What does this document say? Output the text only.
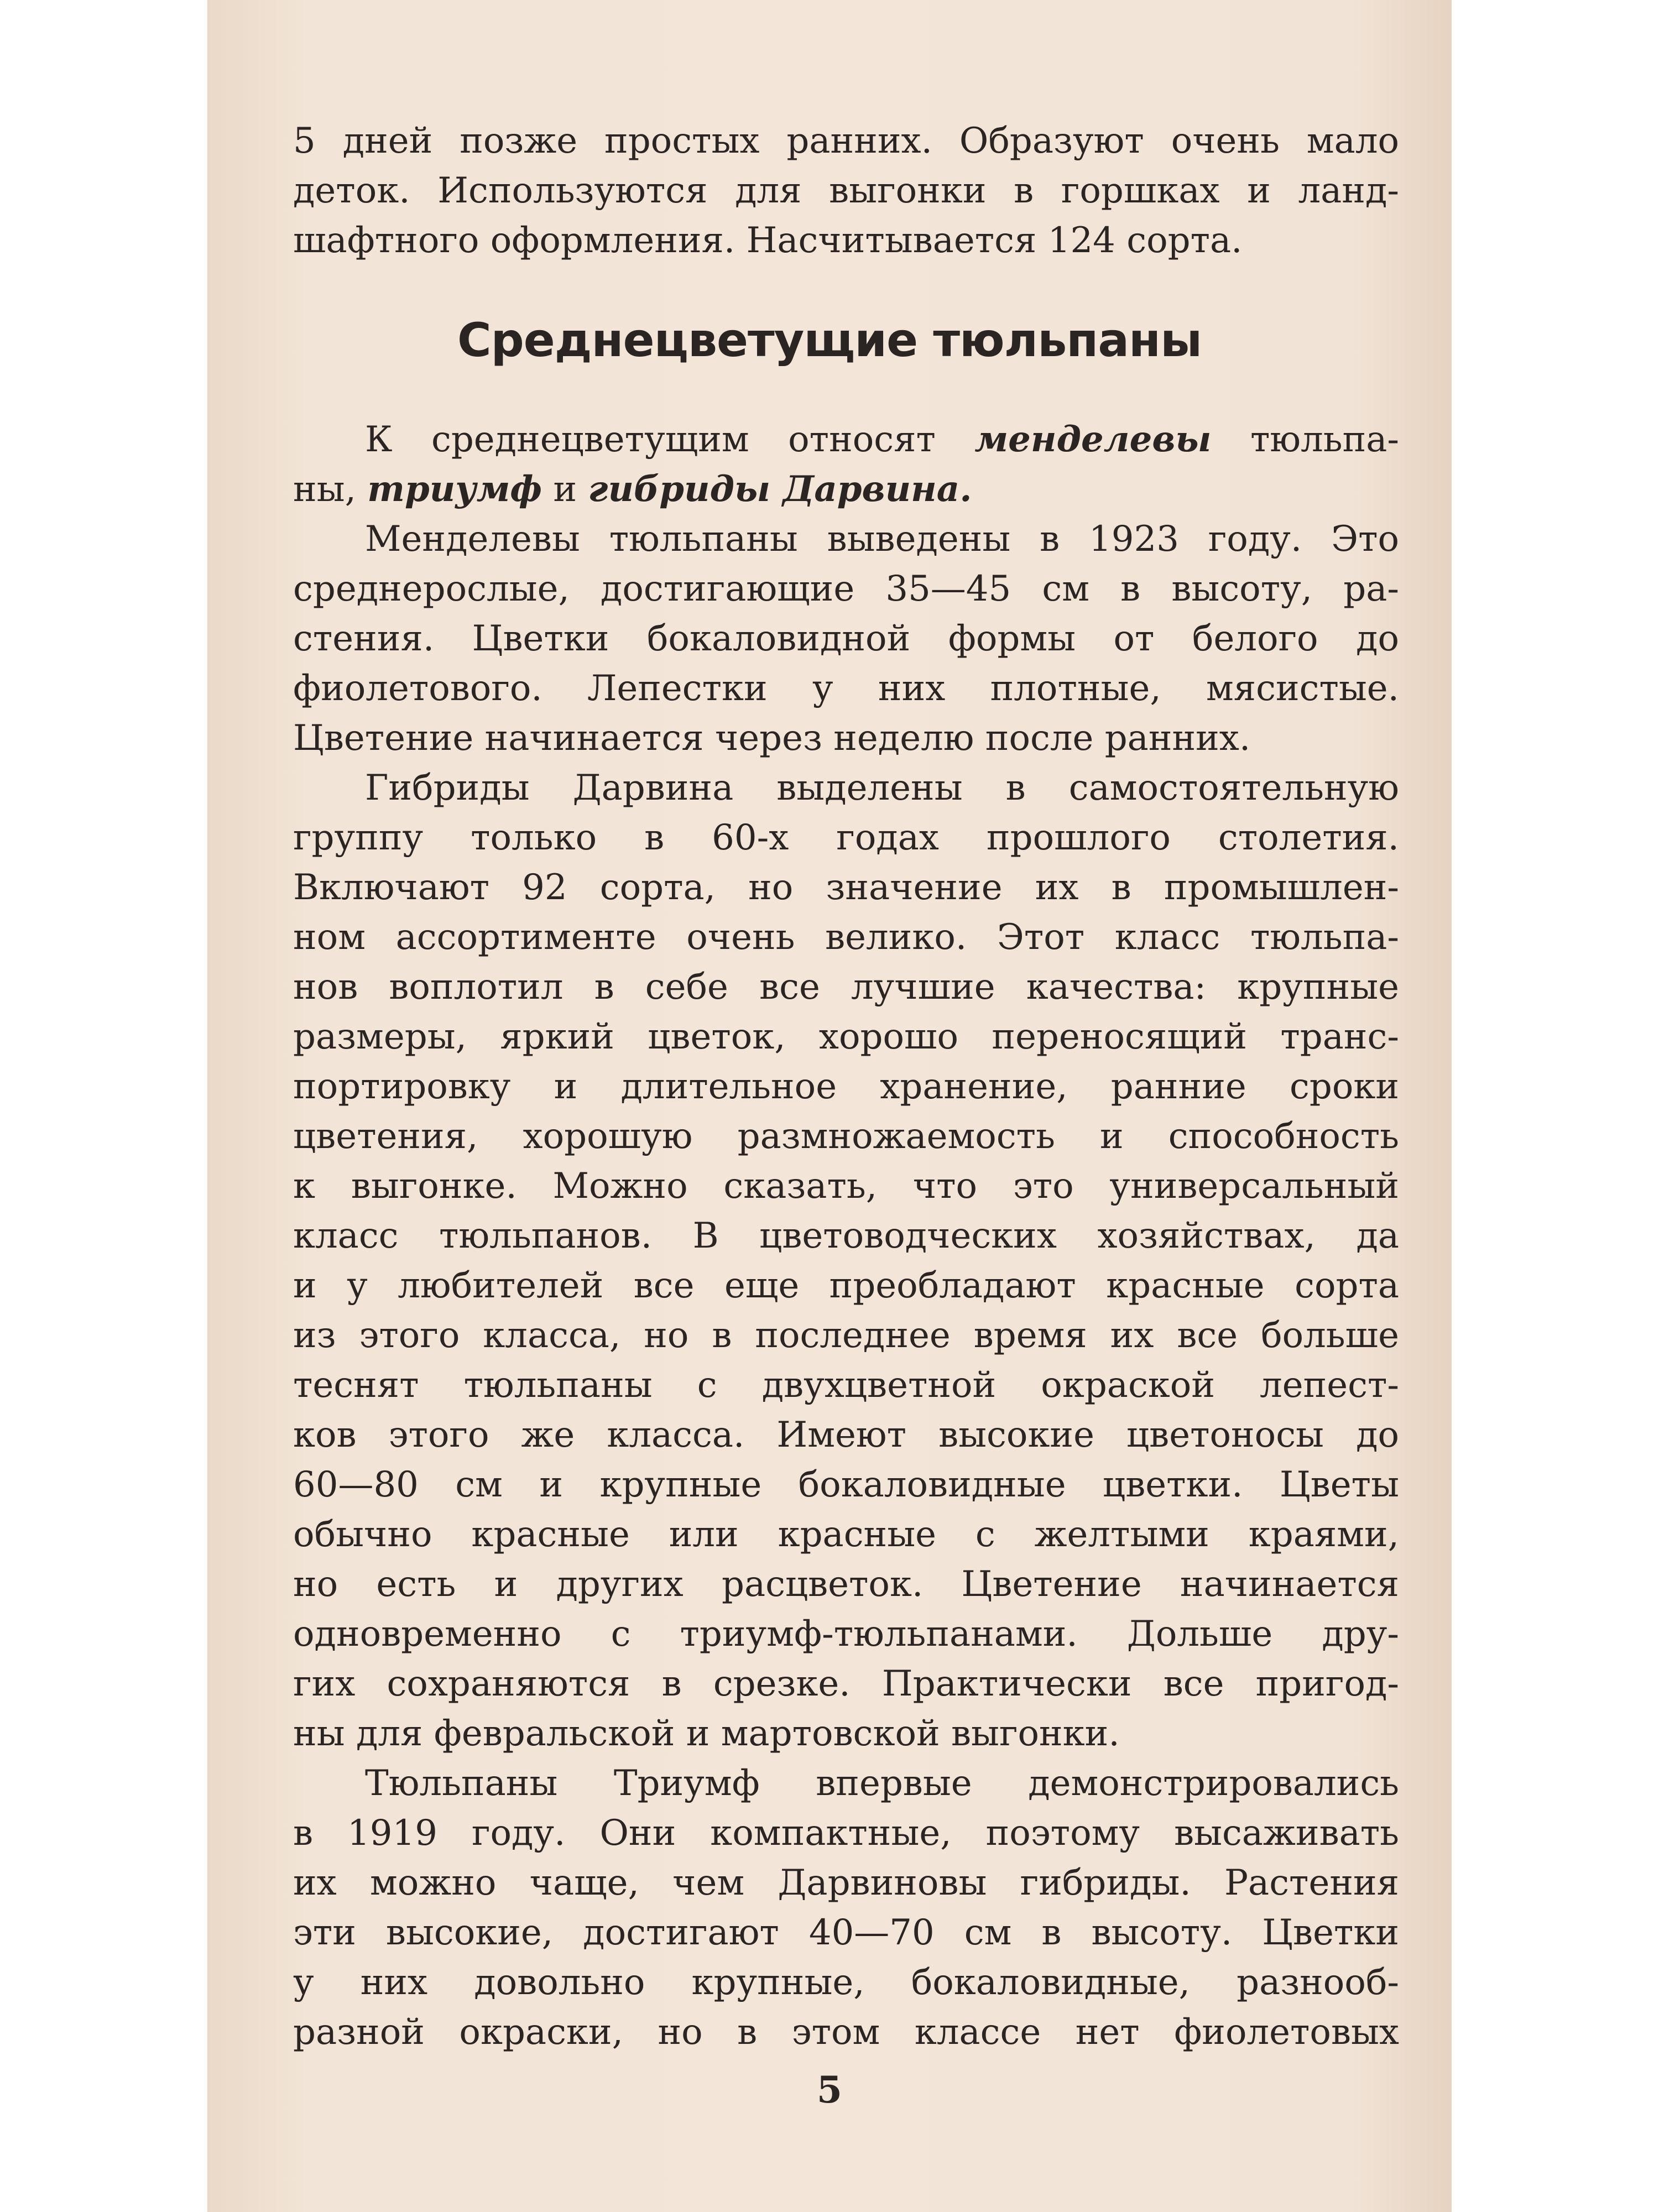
5 дней позже простых ранних. Образуют очень мало
деток. Используются для выгонки в горшках и ланд-
шафтного оформления. Насчитывается 124 сорта.
Среднецветущие тюльпаны
К среднецветущим относят менделевы тюльпа-
ны, триумф и гибриды Дарвина.
Менделевы тюльпаны выведены в 1923 году. Это
среднерослые, достигающие 35—45 см в высоту, ра-
стения. Цветки бокаловидной формы от белого до
фиолетового. Лепестки у них плотные, мясистые.
Цветение начинается через неделю после ранних.
Гибриды Дарвина выделены в самостоятельную
группу только в 60-х годах прошлого столетия.
Включают 92 сорта, но значение их в промышлен-
ном ассортименте очень велико. Этот класс тюльпа-
нов воплотил в себе все лучшие качества: крупные
размеры, яркий цветок, хорошо переносящий транс-
портировку и длительное хранение, ранние сроки
цветения, хорошую размножаемость и способность
к выгонке. Можно сказать, что это универсальный
класс тюльпанов. В цветоводческих хозяйствах, да
и у любителей все еще преобладают красные сорта
из этого класса, но в последнее время их все больше
теснят тюльпаны с двухцветной окраской лепест-
ков этого же класса. Имеют высокие цветоносы до
60—80 см и крупные бокаловидные цветки. Цветы
обычно красные или красные с желтыми краями,
но есть и других расцветок. Цветение начинается
одновременно с триумф-тюльпанами. Дольше дру-
гих сохраняются в срезке. Практически все пригод-
ны для февральской и мартовской выгонки.
Тюльпаны Триумф впервые демонстрировались
в 1919 году. Они компактные, поэтому высаживать
их можно чаще, чем Дарвиновы гибриды. Растения
эти высокие, достигают 40—70 см в высоту. Цветки
у них довольно крупные, бокаловидные, разнооб-
разной окраски, но в этом классе нет фиолетовых
5
